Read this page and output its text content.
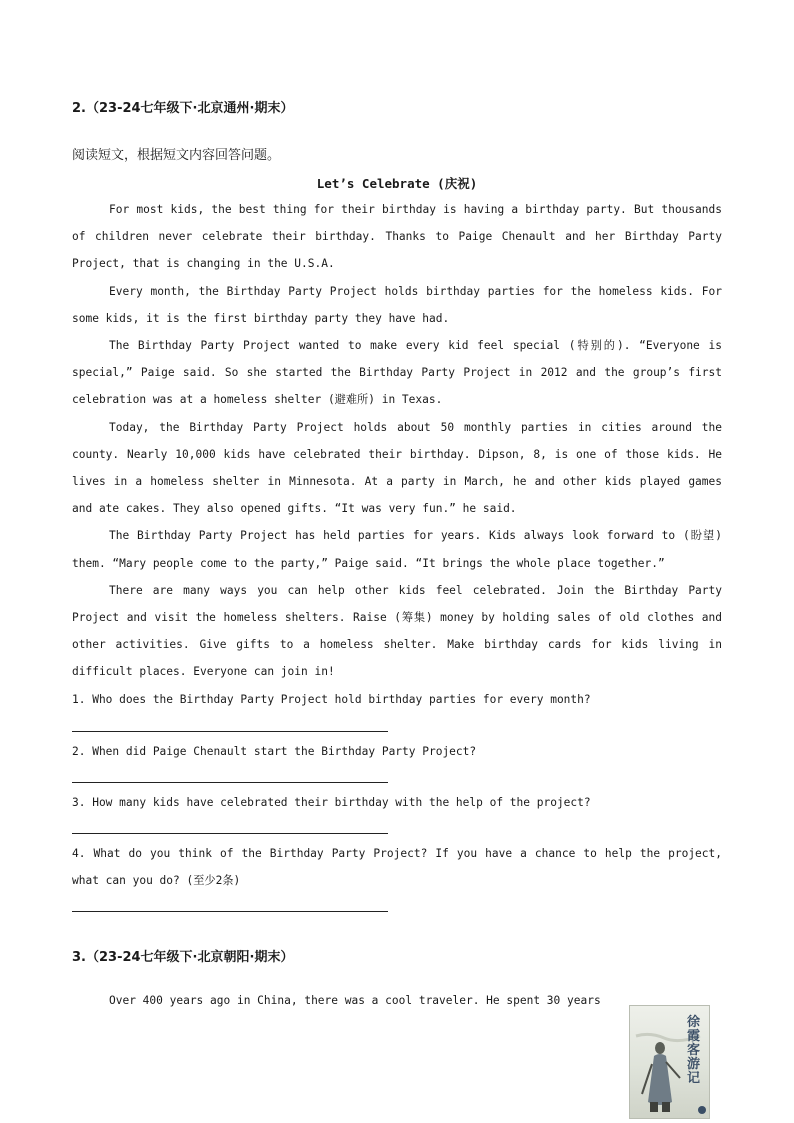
2.（23-24七年级下·北京通州·期末）
阅读短文，根据短文内容回答问题。
Let’s Celebrate (庆祝)

For most kids, the best thing for their birthday is having a birthday party. But thousands of children never celebrate their birthday. Thanks to Paige Chenault and her Birthday Party Project, that is changing in the U.S.A.

Every month, the Birthday Party Project holds birthday parties for the homeless kids. For some kids, it is the first birthday party they have had.

The Birthday Party Project wanted to make every kid feel special (特别的). “Everyone is special,” Paige said. So she started the Birthday Party Project in 2012 and the group’s first celebration was at a homeless shelter (避难所) in Texas.

Today, the Birthday Party Project holds about 50 monthly parties in cities around the county. Nearly 10,000 kids have celebrated their birthday. Dipson, 8, is one of those kids. He lives in a homeless shelter in Minnesota. At a party in March, he and other kids played games and ate cakes. They also opened gifts. “It was very fun.” he said.

The Birthday Party Project has held parties for years. Kids always look forward to (盼望) them. “Mary people come to the party,” Paige said. “It brings the whole place together.”

There are many ways you can help other kids feel celebrated. Join the Birthday Party Project and visit the homeless shelters. Raise (筹集) money by holding sales of old clothes and other activities. Give gifts to a homeless shelter. Make birthday cards for kids living in difficult places. Everyone can join in!

1. Who does the Birthday Party Project hold birthday parties for every month?
2. When did Paige Chenault start the Birthday Party Project?
3. How many kids have celebrated their birthday with the help of the project?
4. What do you think of the Birthday Party Project? If you have a chance to help the project, what can you do? (至少2条)
3.（23-24七年级下·北京朝阳·期末）
Over 400 years ago in China, there was a cool traveler. He spent 30 years
徐霞客游记
